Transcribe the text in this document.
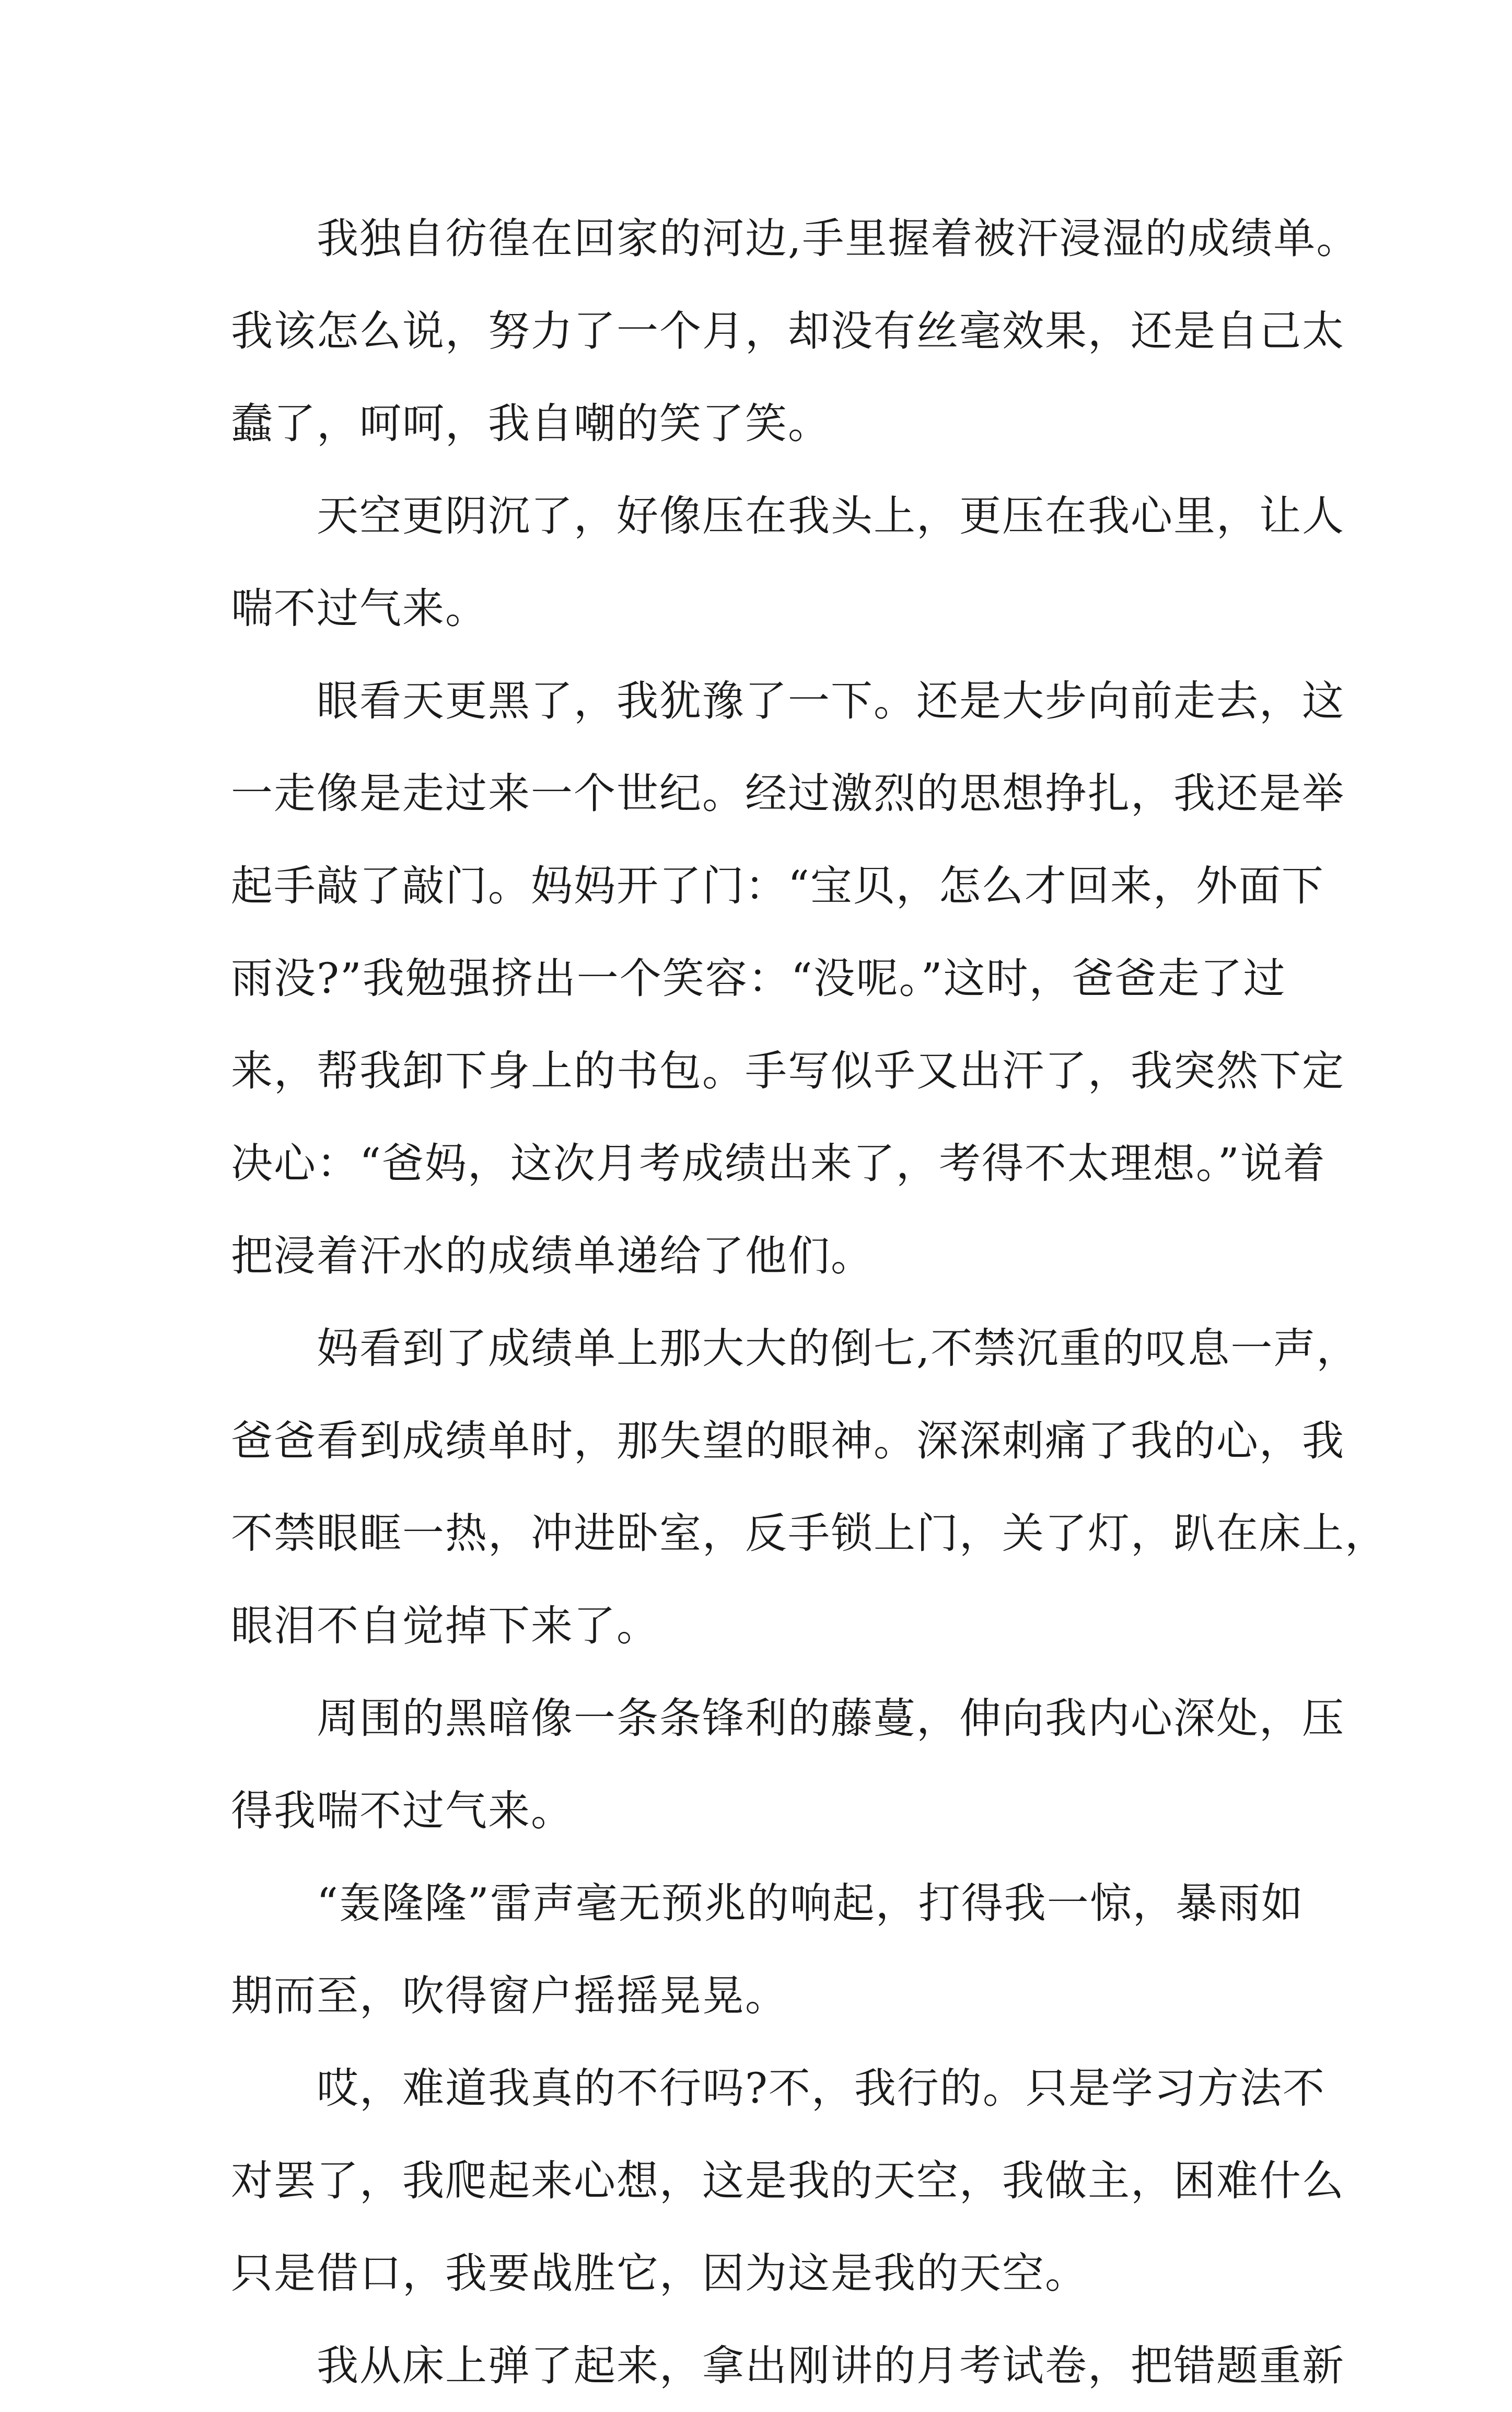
　　我独自彷徨在回家的河边,手里握着被汗浸湿的成绩单。
我该怎么说，努力了一个月，却没有丝毫效果，还是自己太
蠢了，呵呵，我自嘲的笑了笑。
　　天空更阴沉了，好像压在我头上，更压在我心里，让人
喘不过气来。
　　眼看天更黑了，我犹豫了一下。还是大步向前走去，这
一走像是走过来一个世纪。经过激烈的思想挣扎，我还是举
起手敲了敲门。妈妈开了门：“宝贝，怎么才回来，外面下
雨没?”我勉强挤出一个笑容：“没呢。”这时，爸爸走了过
来，帮我卸下身上的书包。手写似乎又出汗了，我突然下定
决心：“爸妈，这次月考成绩出来了，考得不太理想。”说着
把浸着汗水的成绩单递给了他们。
　　妈看到了成绩单上那大大的倒七,不禁沉重的叹息一声，
爸爸看到成绩单时，那失望的眼神。深深刺痛了我的心，我
不禁眼眶一热，冲进卧室，反手锁上门，关了灯，趴在床上，
眼泪不自觉掉下来了。
　　周围的黑暗像一条条锋利的藤蔓，伸向我内心深处，压
得我喘不过气来。
　　“轰隆隆”雷声毫无预兆的响起，打得我一惊，暴雨如
期而至，吹得窗户摇摇晃晃。
　　哎，难道我真的不行吗?不，我行的。只是学习方法不
对罢了，我爬起来心想，这是我的天空，我做主，困难什么
只是借口，我要战胜它，因为这是我的天空。
　　我从床上弹了起来，拿出刚讲的月考试卷，把错题重新
